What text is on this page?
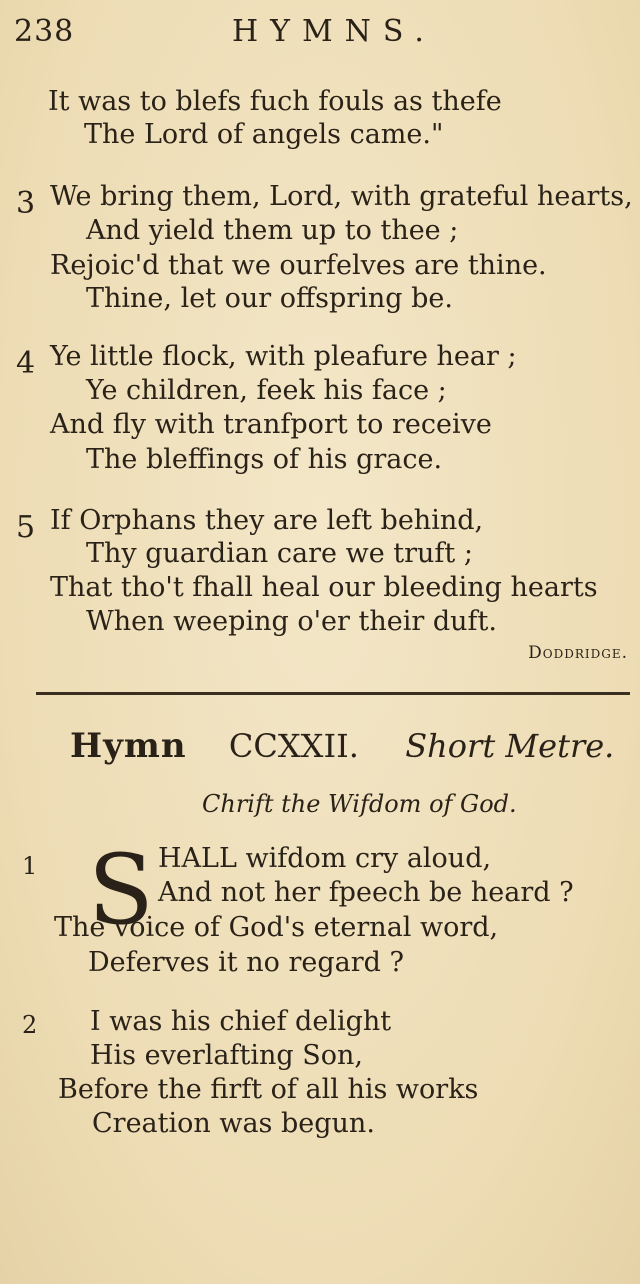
238	HYMNS.
It was to blefs fuch fouls as thefe
The Lord of angels came."
3 We bring them, Lord, with grateful hearts,
And yield them up to thee ;
Rejoic'd that we ourfelves are thine.
Thine, let our offspring be.
4 Ye little flock, with pleafure hear ;
Ye children, feek his face ;
And fly with tranfport to receive
The bleffings of his grace.
5 If Orphans they are left behind,
Thy guardian care we truft ;
That tho't fhall heal our bleeding hearts
When weeping o'er their duft.
Doddridge.
Hymn CCXXII. Short Metre.
Chrift the Wifdom of God.
1 S HALL wifdom cry aloud,
And not her fpeech be heard ?
The voice of God's eternal word,
Deferves it no regard ?
2 I was his chief delight
His everlafting Son,
Before the firft of all his works
Creation was begun.
